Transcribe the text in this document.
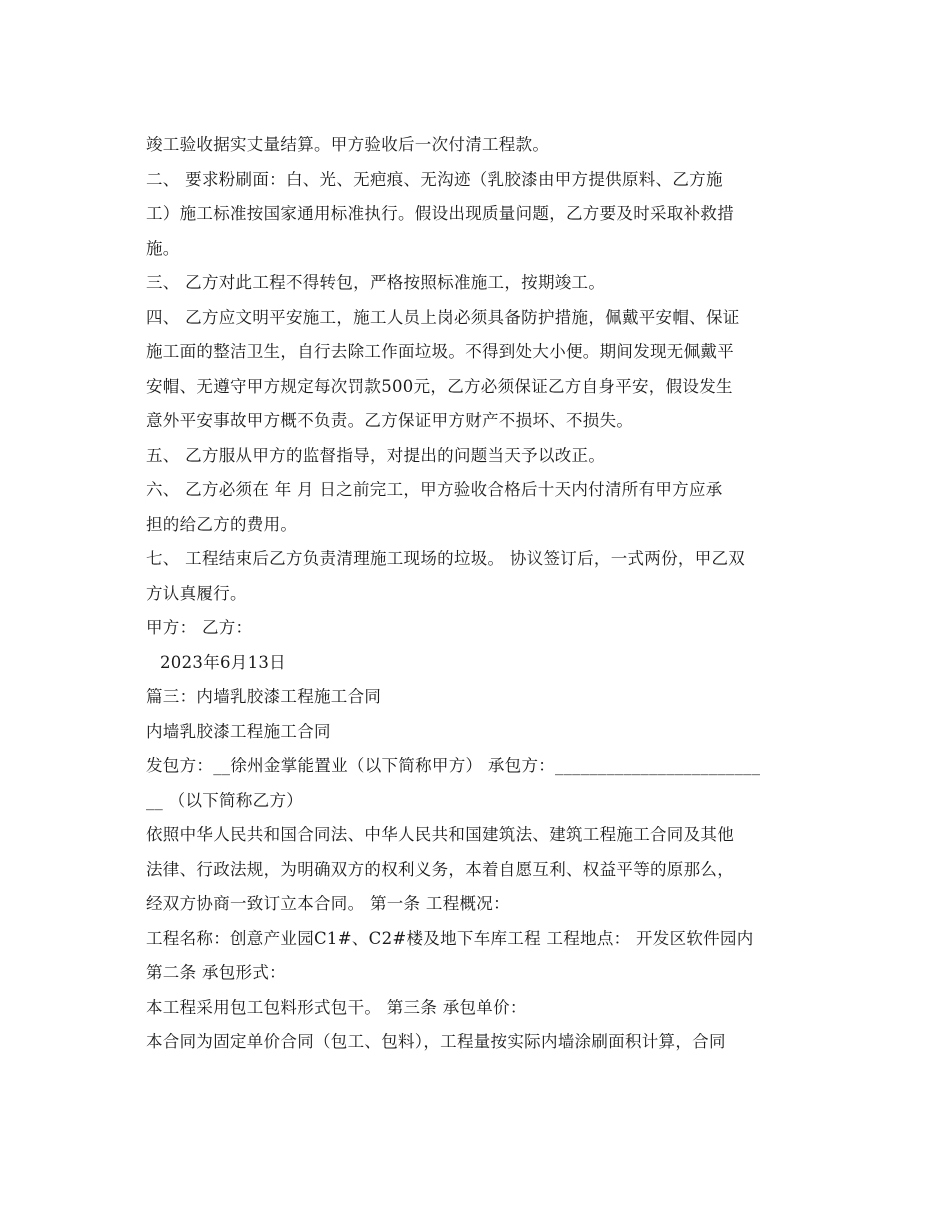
竣工验收据实丈量结算。甲方验收后一次付清工程款。
二、 要求粉刷面：白、光、无疤痕、无沟迹（乳胶漆由甲方提供原料、乙方施
工）施工标准按国家通用标准执行。假设出现质量问题，乙方要及时采取补救措
施。
三、 乙方对此工程不得转包，严格按照标准施工，按期竣工。
四、 乙方应文明平安施工，施工人员上岗必须具备防护措施，佩戴平安帽、保证
施工面的整洁卫生，自行去除工作面垃圾。不得到处大小便。期间发现无佩戴平
安帽、无遵守甲方规定每次罚款500元，乙方必须保证乙方自身平安，假设发生
意外平安事故甲方概不负责。乙方保证甲方财产不损坏、不损失。
五、 乙方服从甲方的监督指导，对提出的问题当天予以改正。
六、 乙方必须在 年 月 日之前完工，甲方验收合格后十天内付清所有甲方应承
担的给乙方的费用。
七、 工程结束后乙方负责清理施工现场的垃圾。 协议签订后，一式两份，甲乙双
方认真履行。
甲方： 乙方：
2023年6月13日
篇三：内墙乳胶漆工程施工合同
内墙乳胶漆工程施工合同
发包方：__徐州金掌能置业（以下简称甲方） 承包方：________________________
__ （以下简称乙方）
依照中华人民共和国合同法、中华人民共和国建筑法、建筑工程施工合同及其他
法律、行政法规，为明确双方的权利义务，本着自愿互利、权益平等的原那么，
经双方协商一致订立本合同。 第一条 工程概况：
工程名称：创意产业园C1#、C2#楼及地下车库工程 工程地点： 开发区软件园内
第二条 承包形式：
本工程采用包工包料形式包干。 第三条 承包单价：
本合同为固定单价合同（包工、包料），工程量按实际内墙涂刷面积计算，合同
